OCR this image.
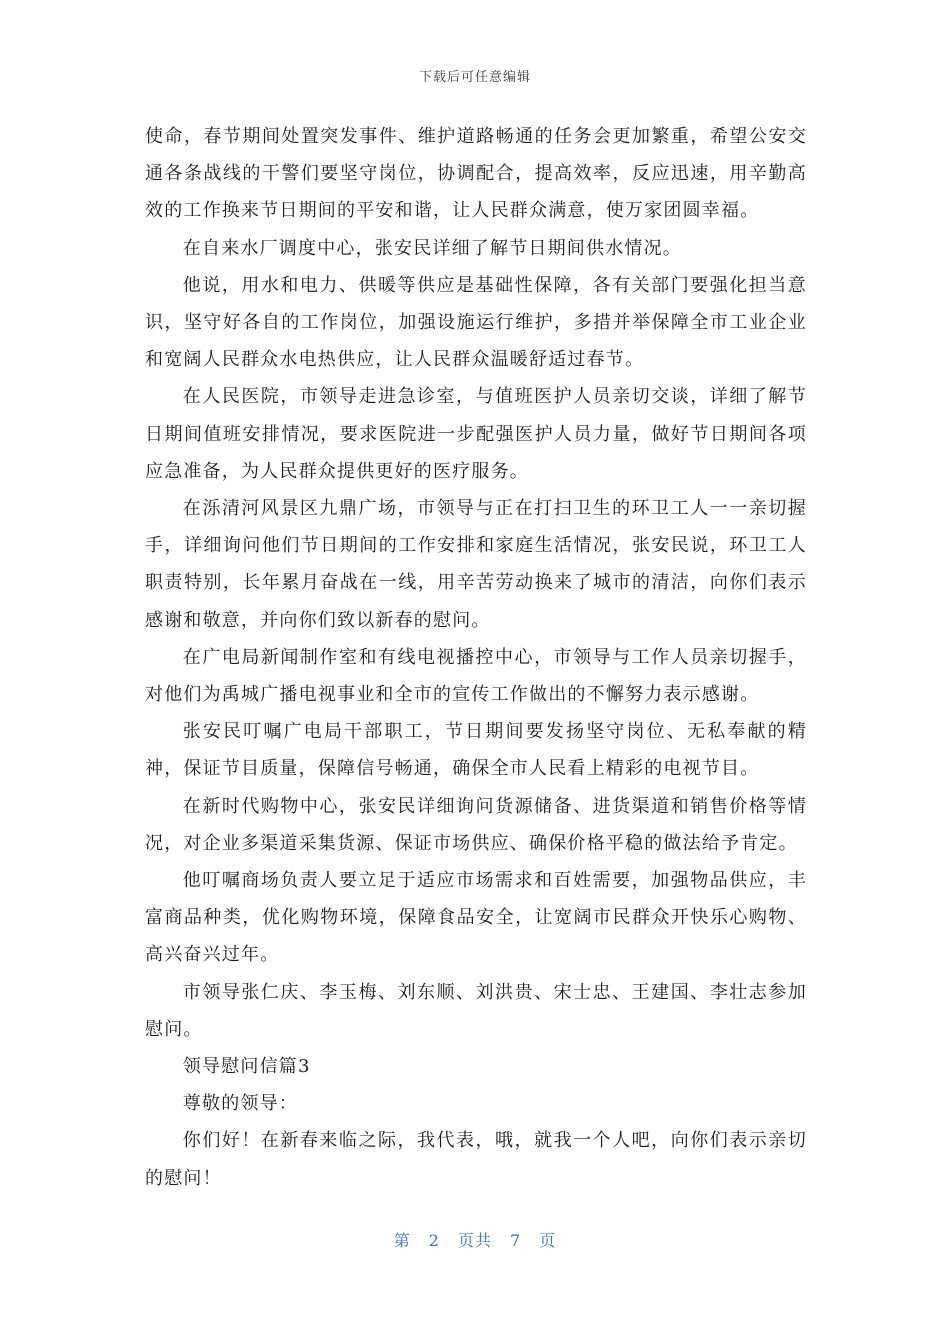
下载后可任意编辑

使命，春节期间处置突发事件、维护道路畅通的任务会更加繁重，希望公安交通各条战线的干警们要坚守岗位，协调配合，提高效率，反应迅速，用辛勤高效的工作换来节日期间的平安和谐，让人民群众满意，使万家团圆幸福。

在自来水厂调度中心，张安民详细了解节日期间供水情况。

他说，用水和电力、供暖等供应是基础性保障，各有关部门要强化担当意识，坚守好各自的工作岗位，加强设施运行维护，多措并举保障全市工业企业和宽阔人民群众水电热供应，让人民群众温暖舒适过春节。

在人民医院，市领导走进急诊室，与值班医护人员亲切交谈，详细了解节日期间值班安排情况，要求医院进一步配强医护人员力量，做好节日期间各项应急准备，为人民群众提供更好的医疗服务。

在泺清河风景区九鼎广场，市领导与正在打扫卫生的环卫工人一一亲切握手，详细询问他们节日期间的工作安排和家庭生活情况，张安民说，环卫工人职责特别，长年累月奋战在一线，用辛苦劳动换来了城市的清洁，向你们表示感谢和敬意，并向你们致以新春的慰问。

在广电局新闻制作室和有线电视播控中心，市领导与工作人员亲切握手，对他们为禹城广播电视事业和全市的宣传工作做出的不懈努力表示感谢。

张安民叮嘱广电局干部职工，节日期间要发扬坚守岗位、无私奉献的精神，保证节目质量，保障信号畅通，确保全市人民看上精彩的电视节目。

在新时代购物中心，张安民详细询问货源储备、进货渠道和销售价格等情况，对企业多渠道采集货源、保证市场供应、确保价格平稳的做法给予肯定。

他叮嘱商场负责人要立足于适应市场需求和百姓需要，加强物品供应，丰富商品种类，优化购物环境，保障食品安全，让宽阔市民群众开快乐心购物、高兴奋兴过年。

市领导张仁庆、李玉梅、刘东顺、刘洪贵、宋士忠、王建国、李壮志参加慰问。

领导慰问信篇3

尊敬的领导：

你们好！在新春来临之际，我代表，哦，就我一个人吧，向你们表示亲切的慰问！

第 2 页共 7 页
